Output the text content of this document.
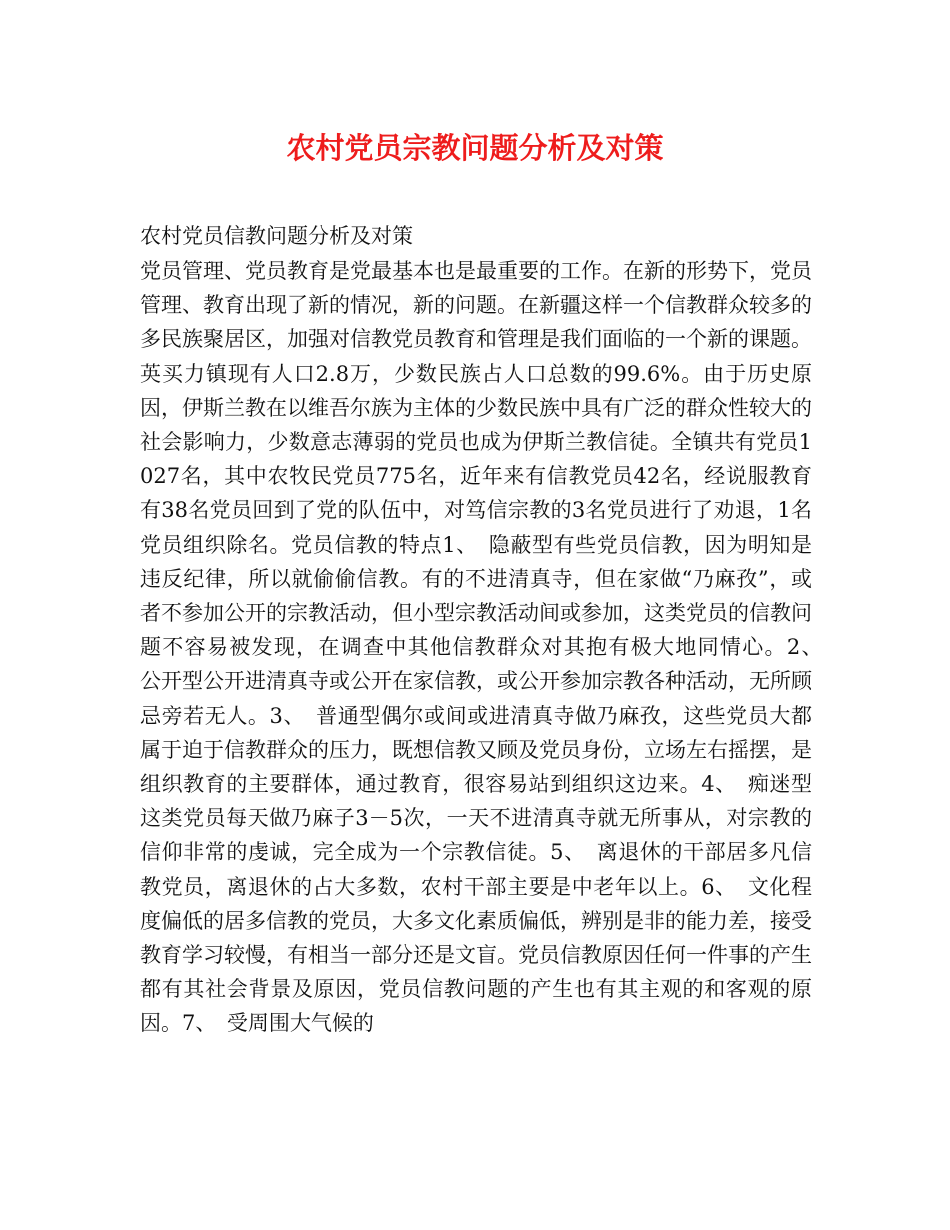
农村党员宗教问题分析及对策

农村党员信教问题分析及对策

党员管理、党员教育是党最基本也是最重要的工作。在新的形势下，党员管理、教育出现了新的情况，新的问题。在新疆这样一个信教群众较多的多民族聚居区，加强对信教党员教育和管理是我们面临的一个新的课题。英买力镇现有人口2.8万，少数民族占人口总数的99.6%。由于历史原因，伊斯兰教在以维吾尔族为主体的少数民族中具有广泛的群众性较大的社会影响力，少数意志薄弱的党员也成为伊斯兰教信徒。全镇共有党员1027名，其中农牧民党员775名，近年来有信教党员42名，经说服教育有38名党员回到了党的队伍中，对笃信宗教的3名党员进行了劝退，1名党员组织除名。党员信教的特点1、　隐蔽型有些党员信教，因为明知是违反纪律，所以就偷偷信教。有的不进清真寺，但在家做“乃麻孜”，或者不参加公开的宗教活动，但小型宗教活动间或参加，这类党员的信教问题不容易被发现，在调查中其他信教群众对其抱有极大地同情心。2、　公开型公开进清真寺或公开在家信教，或公开参加宗教各种活动，无所顾忌旁若无人。3、　普通型偶尔或间或进清真寺做乃麻孜，这些党员大都属于迫于信教群众的压力，既想信教又顾及党员身份，立场左右摇摆，是组织教育的主要群体，通过教育，很容易站到组织这边来。4、　痴迷型这类党员每天做乃麻子3－5次，一天不进清真寺就无所事从，对宗教的信仰非常的虔诚，完全成为一个宗教信徒。5、　离退休的干部居多凡信教党员，离退休的占大多数，农村干部主要是中老年以上。6、　文化程度偏低的居多信教的党员，大多文化素质偏低，辨别是非的能力差，接受教育学习较慢，有相当一部分还是文盲。党员信教原因任何一件事的产生都有其社会背景及原因，党员信教问题的产生也有其主观的和客观的原因。7、　受周围大气候的
